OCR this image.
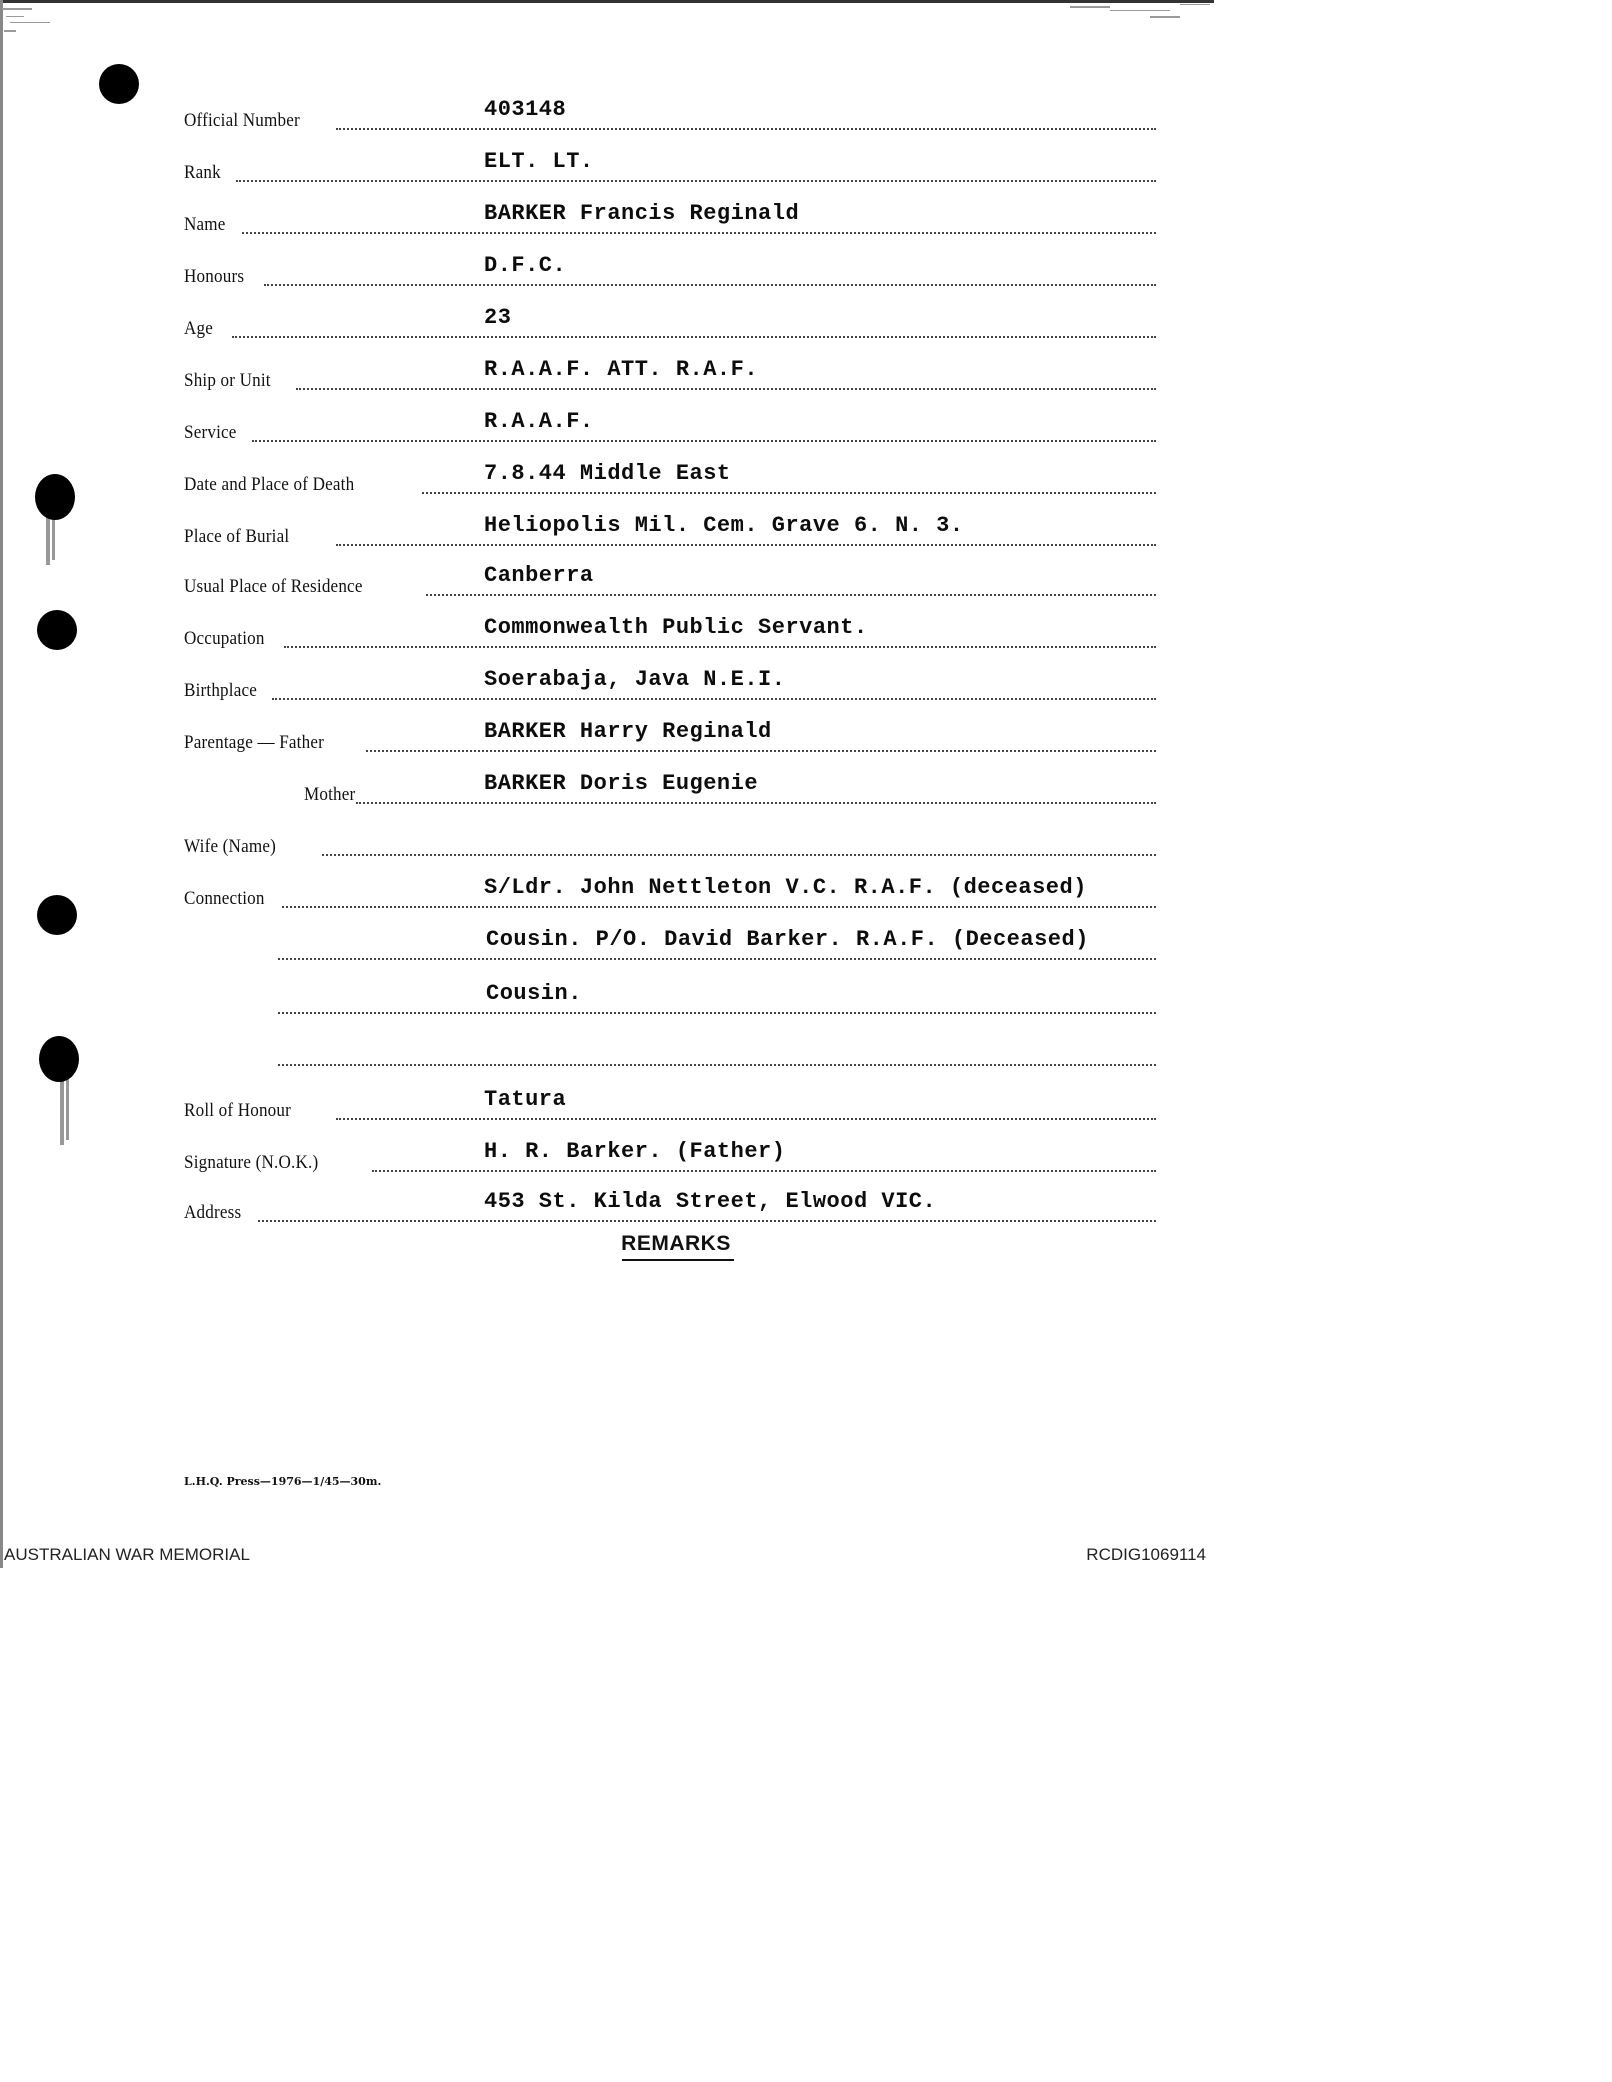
Official Number	403148
Rank	ELT. LT.
Name	BARKER Francis Reginald
Honours	D.F.C.
Age	23
Ship or Unit	R.A.A.F. ATT. R.A.F.
Service	R.A.A.F.
Date and Place of Death	7.8.44 Middle East
Place of Burial	Heliopolis Mil. Cem. Grave 6. N. 3.
Usual Place of Residence	Canberra
Occupation	Commonwealth Public Servant.
Birthplace	Soerabaja, Java N.E.I.
Parentage — Father	BARKER Harry Reginald
Mother	BARKER Doris Eugenie
Wife (Name)
Connection	S/Ldr. John Nettleton V.C. R.A.F. (deceased)
Cousin. P/O. David Barker. R.A.F. (Deceased)
Cousin.
Roll of Honour	Tatura
Signature (N.O.K.)	H. R. Barker. (Father)
Address	453 St. Kilda Street, Elwood VIC.
REMARKS
L.H.Q. Press—1976—1/45—30m.
AUSTRALIAN WAR MEMORIAL	RCDIG1069114
